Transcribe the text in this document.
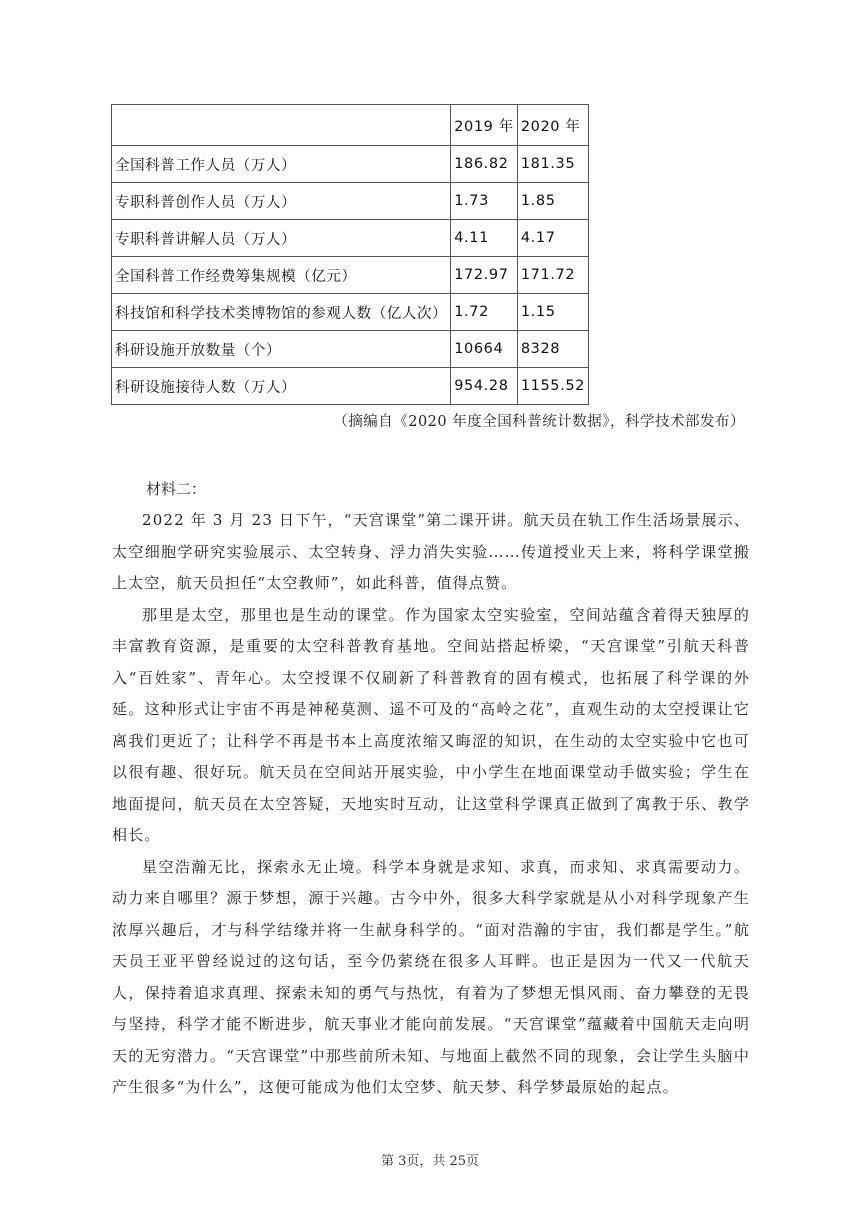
	2019 年	2020 年
全国科普工作人员（万人）	186.82	181.35
专职科普创作人员（万人）	1.73	1.85
专职科普讲解人员（万人）	4.11	4.17
全国科普工作经费筹集规模（亿元）	172.97	171.72
科技馆和科学技术类博物馆的参观人数（亿人次）	1.72	1.15
科研设施开放数量（个）	10664	8328
科研设施接待人数（万人）	954.28	1155.52
（摘编自《2020 年度全国科普统计数据》，科学技术部发布）
材料二：

2022 年 3 月 23 日下午，“天宫课堂”第二课开讲。航天员在轨工作生活场景展示、太空细胞学研究实验展示、太空转身、浮力消失实验……传道授业天上来，将科学课堂搬上太空，航天员担任“太空教师”，如此科普，值得点赞。

那里是太空，那里也是生动的课堂。作为国家太空实验室，空间站蕴含着得天独厚的丰富教育资源，是重要的太空科普教育基地。空间站搭起桥梁，“天宫课堂”引航天科普入“百姓家”、青年心。太空授课不仅刷新了科普教育的固有模式，也拓展了科学课的外延。这种形式让宇宙不再是神秘莫测、遥不可及的“高岭之花”，直观生动的太空授课让它离我们更近了；让科学不再是书本上高度浓缩又晦涩的知识，在生动的太空实验中它也可以很有趣、很好玩。航天员在空间站开展实验，中小学生在地面课堂动手做实验；学生在地面提问，航天员在太空答疑，天地实时互动，让这堂科学课真正做到了寓教于乐、教学相长。

星空浩瀚无比，探索永无止境。科学本身就是求知、求真，而求知、求真需要动力。动力来自哪里？源于梦想，源于兴趣。古今中外，很多大科学家就是从小对科学现象产生浓厚兴趣后，才与科学结缘并将一生献身科学的。“面对浩瀚的宇宙，我们都是学生。”航天员王亚平曾经说过的这句话，至今仍萦绕在很多人耳畔。也正是因为一代又一代航天人，保持着追求真理、探索未知的勇气与热忱，有着为了梦想无惧风雨、奋力攀登的无畏与坚持，科学才能不断进步，航天事业才能向前发展。“天宫课堂”蕴藏着中国航天走向明天的无穷潜力。“天宫课堂”中那些前所未知、与地面上截然不同的现象，会让学生头脑中产生很多“为什么”，这便可能成为他们太空梦、航天梦、科学梦最原始的起点。

第 3页，共 25页
